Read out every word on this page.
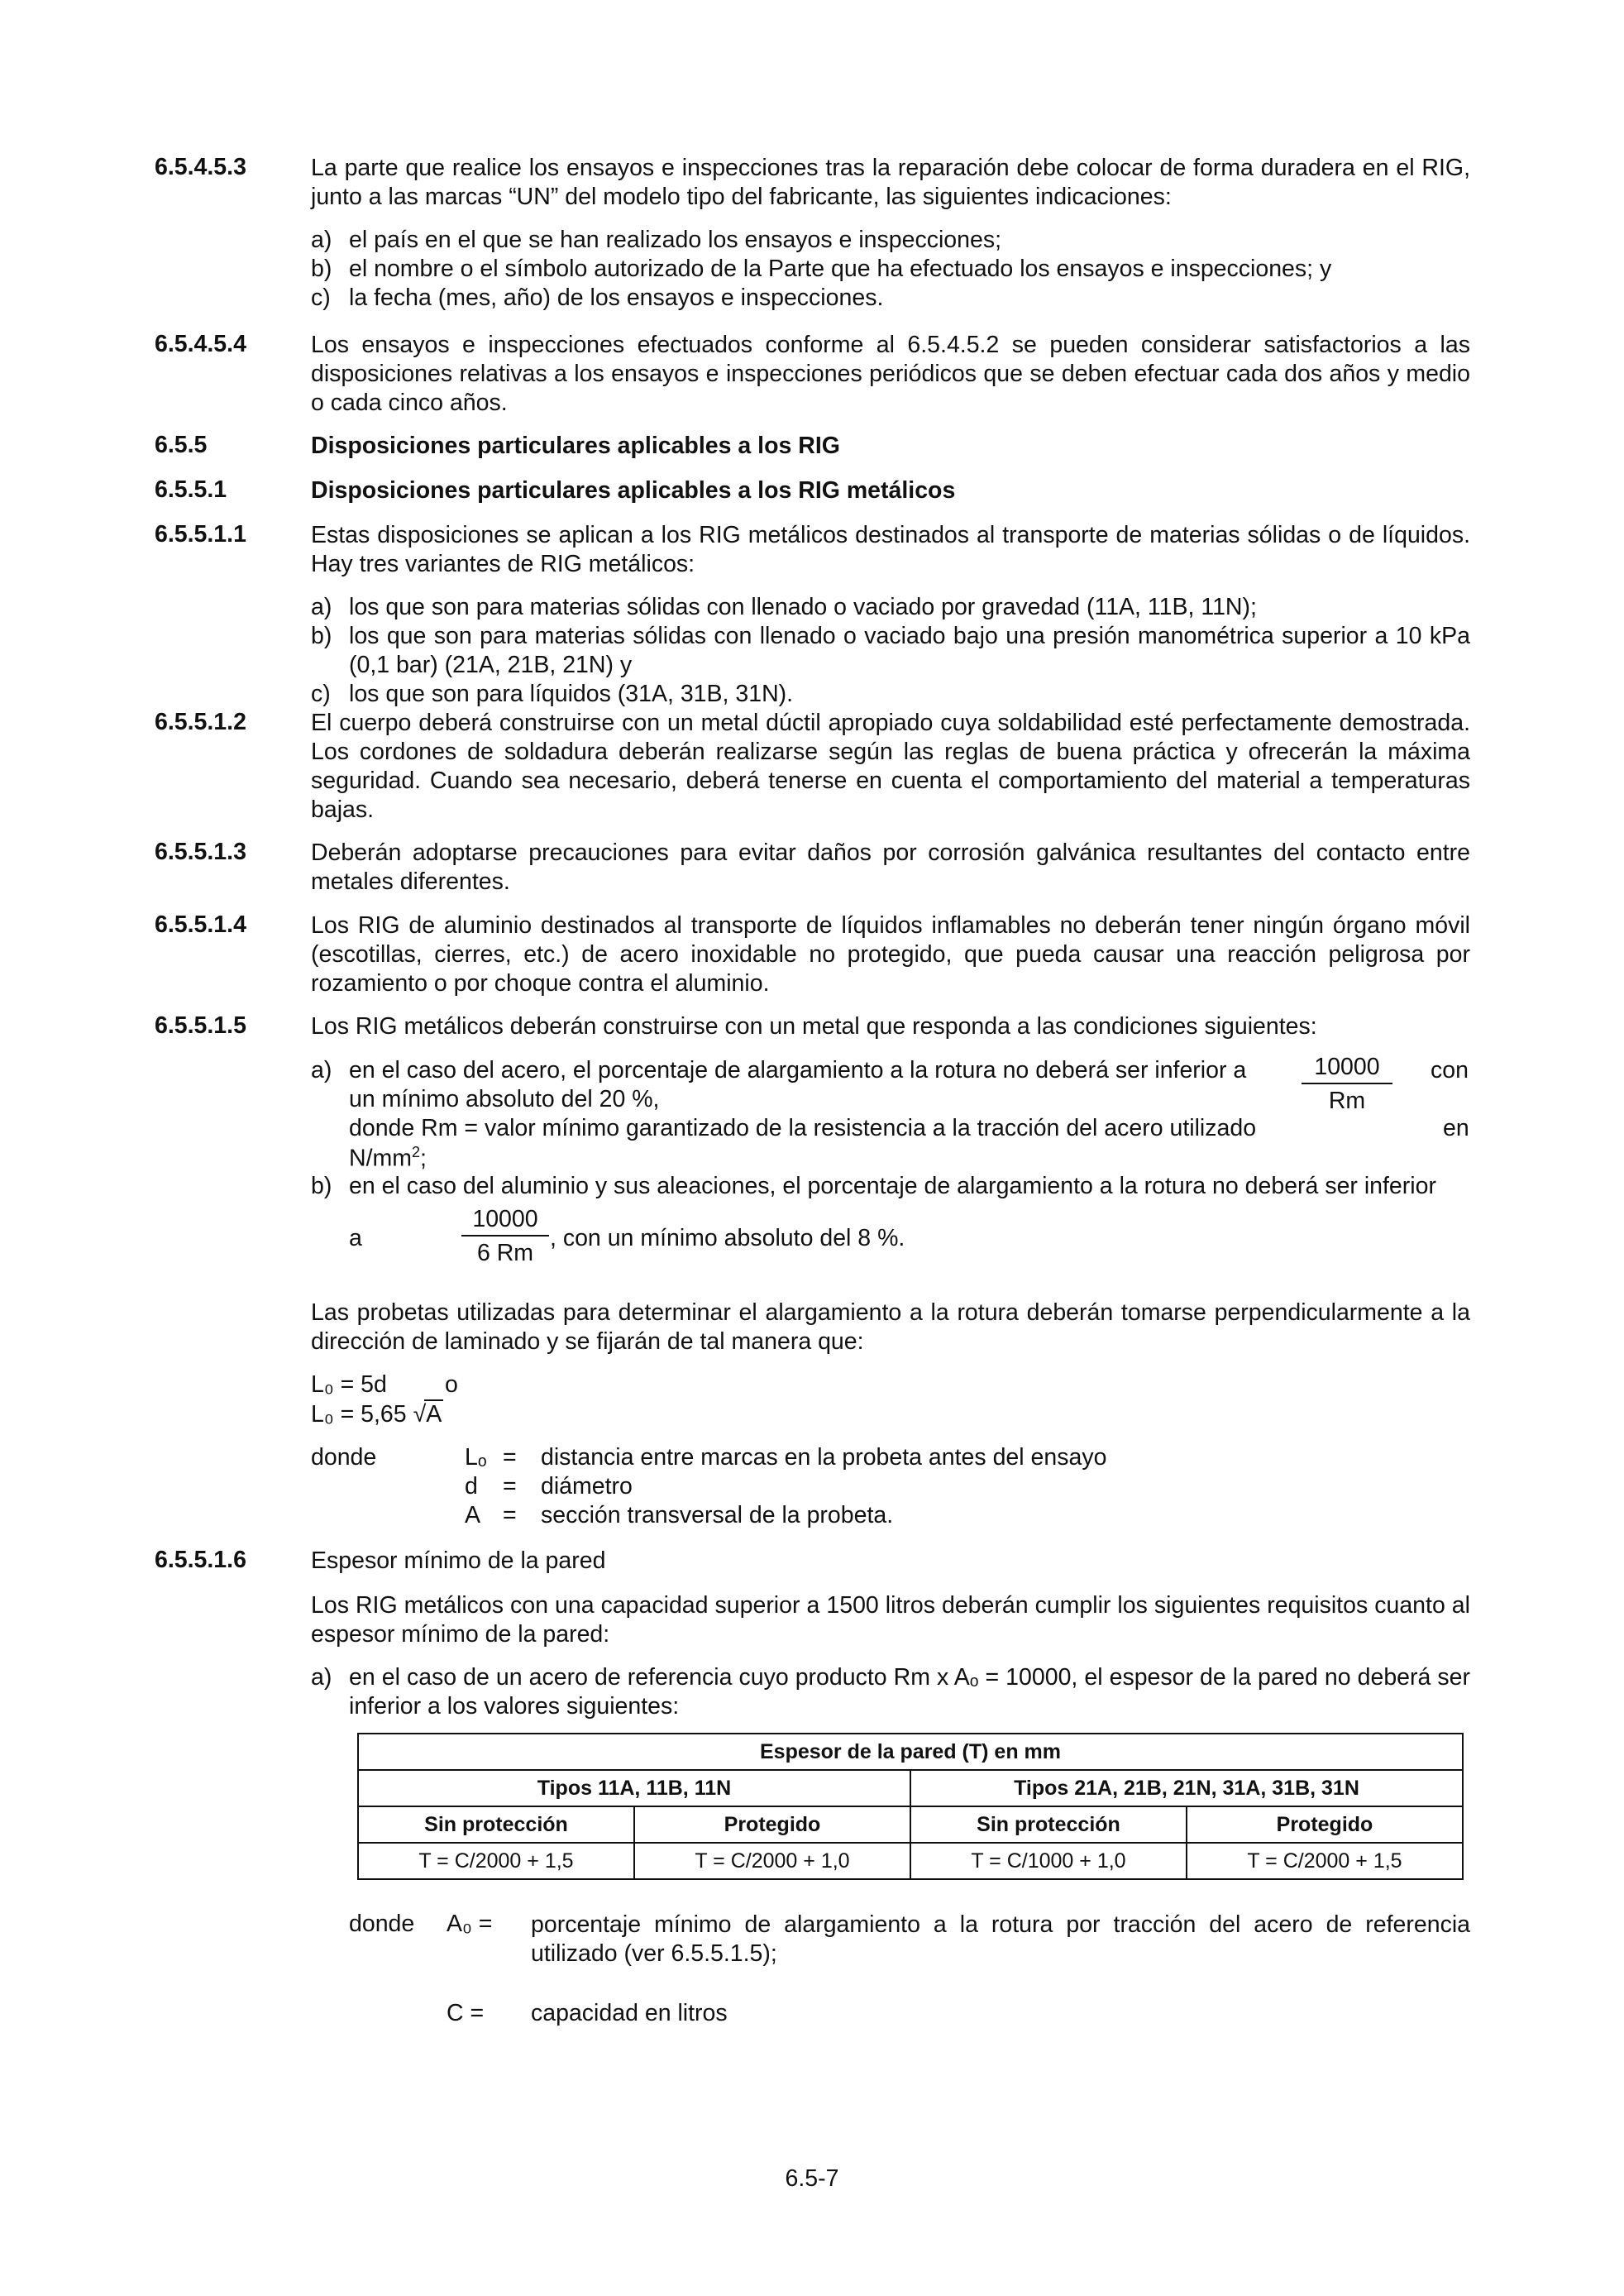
6.5.4.5.3	La parte que realice los ensayos e inspecciones tras la reparación debe colocar de forma duradera en el RIG, junto a las marcas “UN” del modelo tipo del fabricante, las siguientes indicaciones:
a) el país en el que se han realizado los ensayos e inspecciones;
b) el nombre o el símbolo autorizado de la Parte que ha efectuado los ensayos e inspecciones; y
c) la fecha (mes, año) de los ensayos e inspecciones.
6.5.4.5.4	Los ensayos e inspecciones efectuados conforme al 6.5.4.5.2 se pueden considerar satisfactorios a las disposiciones relativas a los ensayos e inspecciones periódicos que se deben efectuar cada dos años y medio o cada cinco años.
6.5.5	Disposiciones particulares aplicables a los RIG
6.5.5.1	Disposiciones particulares aplicables a los RIG metálicos
6.5.5.1.1	Estas disposiciones se aplican a los RIG metálicos destinados al transporte de materias sólidas o de líquidos. Hay tres variantes de RIG metálicos:
a) los que son para materias sólidas con llenado o vaciado por gravedad (11A, 11B, 11N);
b) los que son para materias sólidas con llenado o vaciado bajo una presión manométrica superior a 10 kPa (0,1 bar) (21A, 21B, 21N) y
c) los que son para líquidos (31A, 31B, 31N).
6.5.5.1.2	El cuerpo deberá construirse con un metal dúctil apropiado cuya soldabilidad esté perfectamente demostrada. Los cordones de soldadura deberán realizarse según las reglas de buena práctica y ofrecerán la máxima seguridad. Cuando sea necesario, deberá tenerse en cuenta el comportamiento del material a temperaturas bajas.
6.5.5.1.3	Deberán adoptarse precauciones para evitar daños por corrosión galvánica resultantes del contacto entre metales diferentes.
6.5.5.1.4	Los RIG de aluminio destinados al transporte de líquidos inflamables no deberán tener ningún órgano móvil (escotillas, cierres, etc.) de acero inoxidable no protegido, que pueda causar una reacción peligrosa por rozamiento o por choque contra el aluminio.
6.5.5.1.5	Los RIG metálicos deberán construirse con un metal que responda a las condiciones siguientes:
a) en el caso del acero, el porcentaje de alargamiento a la rotura no deberá ser inferior a $\frac{10000}{Rm}$ con
un mínimo absoluto del 20 %,
donde Rm = valor mínimo garantizado de la resistencia a la tracción del acero utilizado	en
$N/mm^2$;
b) en el caso del aluminio y sus aleaciones, el porcentaje de alargamiento a la rotura no deberá ser inferior
a	$\frac{10000}{6 Rm}$ , con un mínimo absoluto del 8 %.
Las probetas utilizadas para determinar el alargamiento a la rotura deberán tomarse perpendicularmente a la dirección de laminado y se fijarán de tal manera que:
L₀ = 5d o
L₀ = 5,65 √A
donde	Lₒ = distancia entre marcas en la probeta antes del ensayo
d = diámetro
A = sección transversal de la probeta.
6.5.5.1.6	Espesor mínimo de la pared
Los RIG metálicos con una capacidad superior a 1500 litros deberán cumplir los siguientes requisitos cuanto al espesor mínimo de la pared:
a) en el caso de un acero de referencia cuyo producto Rm x Aₒ = 10000, el espesor de la pared no deberá ser inferior a los valores siguientes:
Espesor de la pared (T) en mm			
Tipos 11A, 11B, 11N		Tipos 21A, 21B, 21N, 31A, 31B, 31N	
Sin protección	Protegido	Sin protección	Protegido
T = C/2000 + 1,5	T = C/2000 + 1,0	T = C/1000 + 1,0	T = C/2000 + 1,5
donde A₀ = porcentaje mínimo de alargamiento a la rotura por tracción del acero de referencia utilizado (ver 6.5.5.1.5);
C = capacidad en litros
6.5-7
